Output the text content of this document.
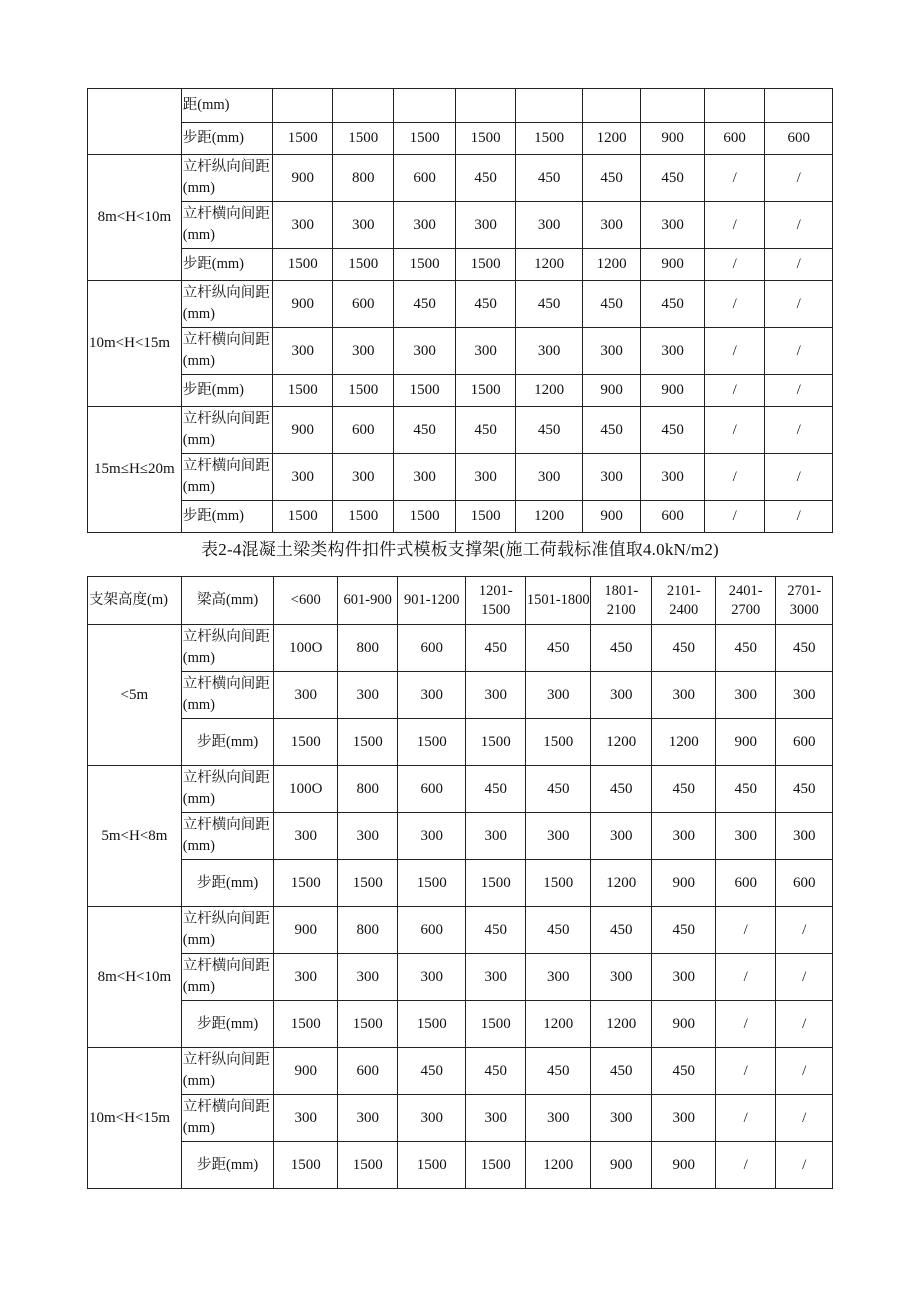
	距(mm)									
	步距(mm)	1500	1500	1500	1500	1500	1200	900	600	600
8m<H<10m	立杆纵向间距(mm)	900	800	600	450	450	450	450	/	/
	立杆横向间距(mm)	300	300	300	300	300	300	300	/	/
	步距(mm)	1500	1500	1500	1500	1200	1200	900	/	/
10m<H<15m	立杆纵向间距(mm)	900	600	450	450	450	450	450	/	/
	立杆横向间距(mm)	300	300	300	300	300	300	300	/	/
	步距(mm)	1500	1500	1500	1500	1200	900	900	/	/
15m≤H≤20m	立杆纵向间距(mm)	900	600	450	450	450	450	450	/	/
	立杆横向间距(mm)	300	300	300	300	300	300	300	/	/
	步距(mm)	1500	1500	1500	1500	1200	900	600	/	/
表2-4混凝土梁类构件扣件式模板支撑架(施工荷载标准值取4.0kN/m2)
支架高度(m)	梁高(mm)	<600	601-900	901-1200	1201-1500	1501-1800	1801-2100	2101-2400	2401-2700	2701-3000
<5m	立杆纵向间距(mm)	100O	800	600	450	450	450	450	450	450
	立杆横向间距(mm)	300	300	300	300	300	300	300	300	300
	步距(mm)	1500	1500	1500	1500	1500	1200	1200	900	600
5m<H<8m	立杆纵向间距(mm)	100O	800	600	450	450	450	450	450	450
	立杆横向间距(mm)	300	300	300	300	300	300	300	300	300
	步距(mm)	1500	1500	1500	1500	1500	1200	900	600	600
8m<H<10m	立杆纵向间距(mm)	900	800	600	450	450	450	450	/	/
	立杆横向间距(mm)	300	300	300	300	300	300	300	/	/
	步距(mm)	1500	1500	1500	1500	1200	1200	900	/	/
10m<H<15m	立杆纵向间距(mm)	900	600	450	450	450	450	450	/	/
	立杆横向间距(mm)	300	300	300	300	300	300	300	/	/
	步距(mm)	1500	1500	1500	1500	1200	900	900	/	/
